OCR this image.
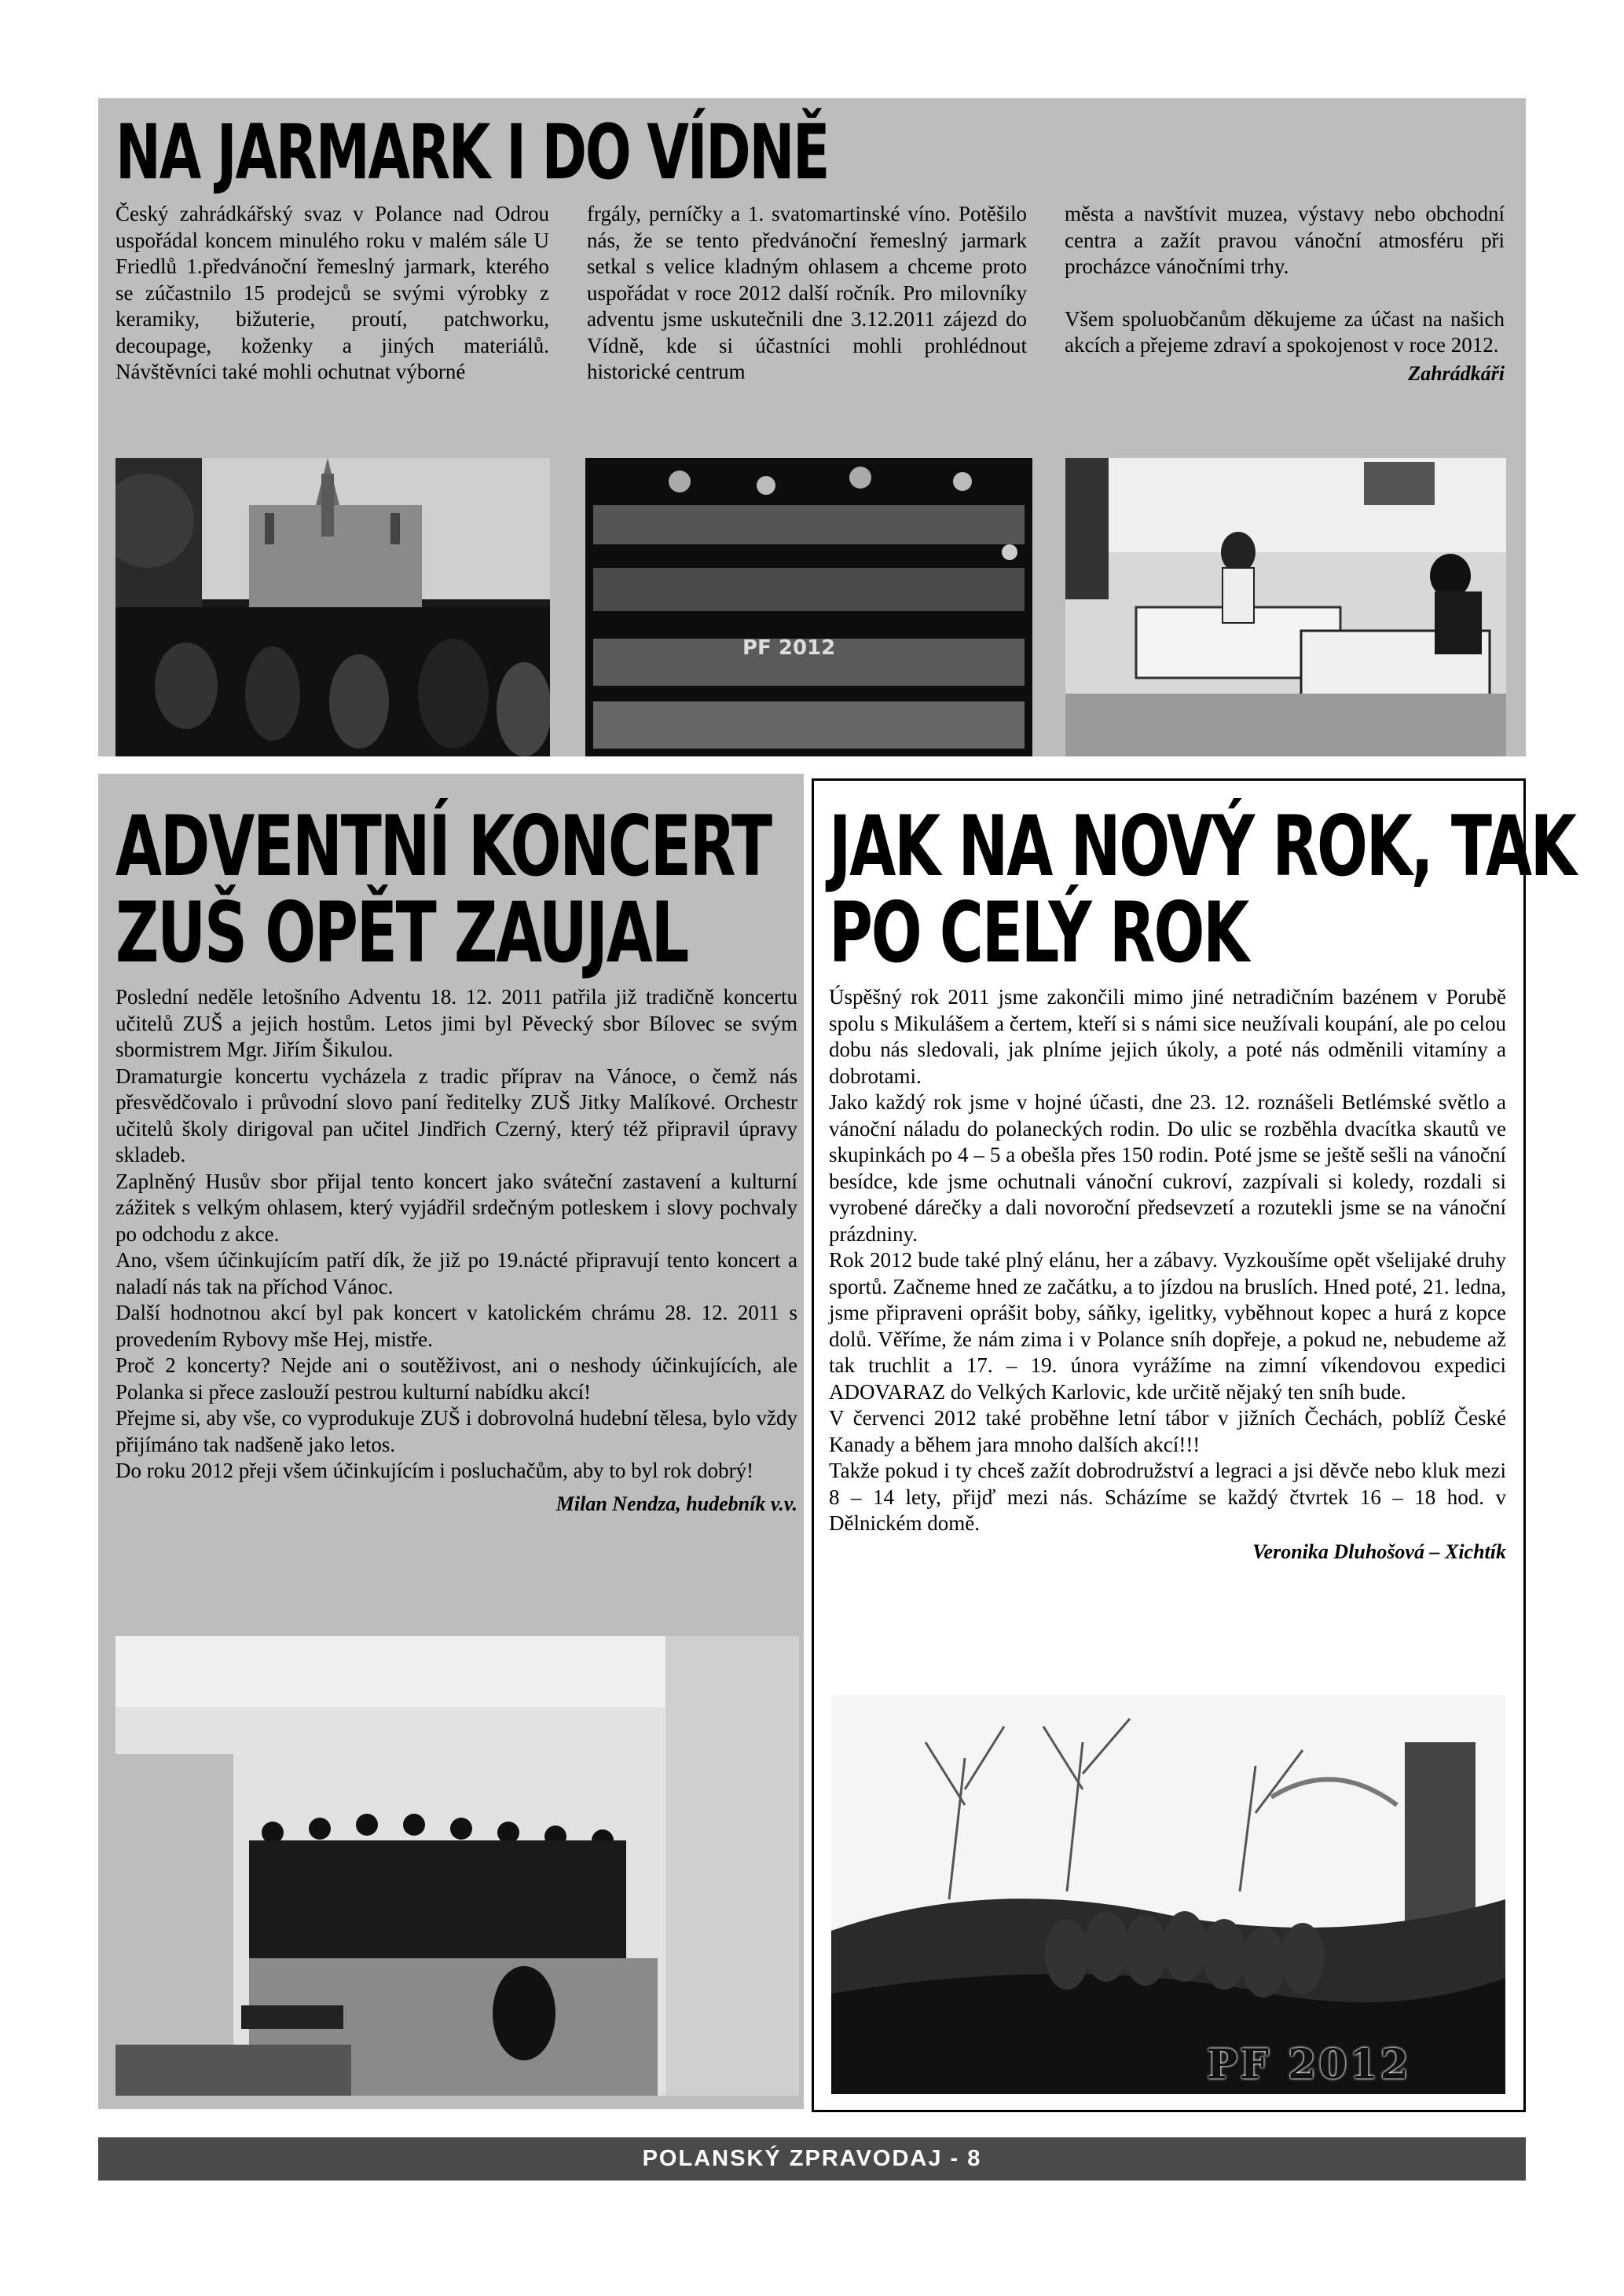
NA JARMARK I DO VÍDNĚ

Český zahrádkářský svaz v Polance nad Odrou uspořádal koncem minulého roku v malém sále U Friedlů 1.předvánoční řemeslný jarmark, kterého se zúčastnilo 15 prodejců se svými výrobky z keramiky, bižuterie, proutí, patchworku, decoupage, koženky a jiných materiálů. Návštěvníci také mohli ochutnat výborné

frgály, perníčky a 1. svatomartinské víno. Potěšilo nás, že se tento předvánoční řemeslný jarmark setkal s velice kladným ohlasem a chceme proto uspořádat v roce 2012 další ročník. Pro milovníky adventu jsme uskutečnili dne 3.12.2011 zájezd do Vídně, kde si účastníci mohli prohlédnout historické centrum

města a navštívit muzea, výstavy nebo obchodní centra a zažít pravou vánoční atmosféru při procházce vánočními trhy.

Všem spoluobčanům děkujeme za účast na našich akcích a přejeme zdraví a spokojenost v roce 2012.

Zahrádkáři
PF 2012
ADVENTNÍ KONCERT
ZUŠ OPĚT ZAUJAL

Poslední neděle letošního Adventu 18. 12. 2011 patřila již tradičně koncertu učitelů ZUŠ a jejich hostům. Letos jimi byl Pěvecký sbor Bílovec se svým sbormistrem Mgr. Jiřím Šikulou.

Dramaturgie koncertu vycházela z tradic příprav na Vánoce, o čemž nás přesvědčovalo i průvodní slovo paní ředitelky ZUŠ Jitky Malíkové. Orchestr učitelů školy dirigoval pan učitel Jindřich Czerný, který též připravil úpravy skladeb.

Zaplněný Husův sbor přijal tento koncert jako sváteční zastavení a kulturní zážitek s velkým ohlasem, který vyjádřil srdečným potleskem i slovy pochvaly po odchodu z akce.

Ano, všem účinkujícím patří dík, že již po 19.nácté připravují tento koncert a naladí nás tak na příchod Vánoc.

Další hodnotnou akcí byl pak koncert v katolickém chrámu 28. 12. 2011 s provedením Rybovy mše Hej, mistře.

Proč 2 koncerty? Nejde ani o soutěživost, ani o neshody účinkujících, ale Polanka si přece zaslouží pestrou kulturní nabídku akcí!

Přejme si, aby vše, co vyprodukuje ZUŠ i dobrovolná hudební tělesa, bylo vždy přijímáno tak nadšeně jako letos.

Do roku 2012 přeji všem účinkujícím i posluchačům, aby to byl rok dobrý!

Milan Nendza, hudebník v.v.
JAK NA NOVÝ ROK, TAK
PO CELÝ ROK

Úspěšný rok 2011 jsme zakončili mimo jiné netradičním bazénem v Porubě spolu s Mikulášem a čertem, kteří si s námi sice neužívali koupání, ale po celou dobu nás sledovali, jak plníme jejich úkoly, a poté nás odměnili vitamíny a dobrotami.

Jako každý rok jsme v hojné účasti, dne 23. 12. roznášeli Betlémské světlo a vánoční náladu do polaneckých rodin. Do ulic se rozběhla dvacítka skautů ve skupinkách po 4 – 5 a obešla přes 150 rodin. Poté jsme se ještě sešli na vánoční besídce, kde jsme ochutnali vánoční cukroví, zazpívali si koledy, rozdali si vyrobené dárečky a dali novoroční předsevzetí a rozutekli jsme se na vánoční prázdniny.

Rok 2012 bude také plný elánu, her a zábavy. Vyzkoušíme opět všelijaké druhy sportů. Začneme hned ze začátku, a to jízdou na bruslích. Hned poté, 21. ledna, jsme připraveni oprášit boby, sáňky, igelitky, vyběhnout kopec a hurá z kopce dolů. Věříme, že nám zima i v Polance sníh dopřeje, a pokud ne, nebudeme až tak truchlit a 17. – 19. února vyrážíme na zimní víkendovou expedici ADOVARAZ do Velkých Karlovic, kde určitě nějaký ten sníh bude.

V červenci 2012 také proběhne letní tábor v jižních Čechách, poblíž České Kanady a během jara mnoho dalších akcí!!!

Takže pokud i ty chceš zažít dobrodružství a legraci a jsi děvče nebo kluk mezi 8 – 14 lety, přijď mezi nás. Scházíme se každý čtvrtek 16 – 18 hod. v Dělnickém domě.

Veronika Dluhošová – Xichtík
PF 2012
POLANSKÝ ZPRAVODAJ - 8
